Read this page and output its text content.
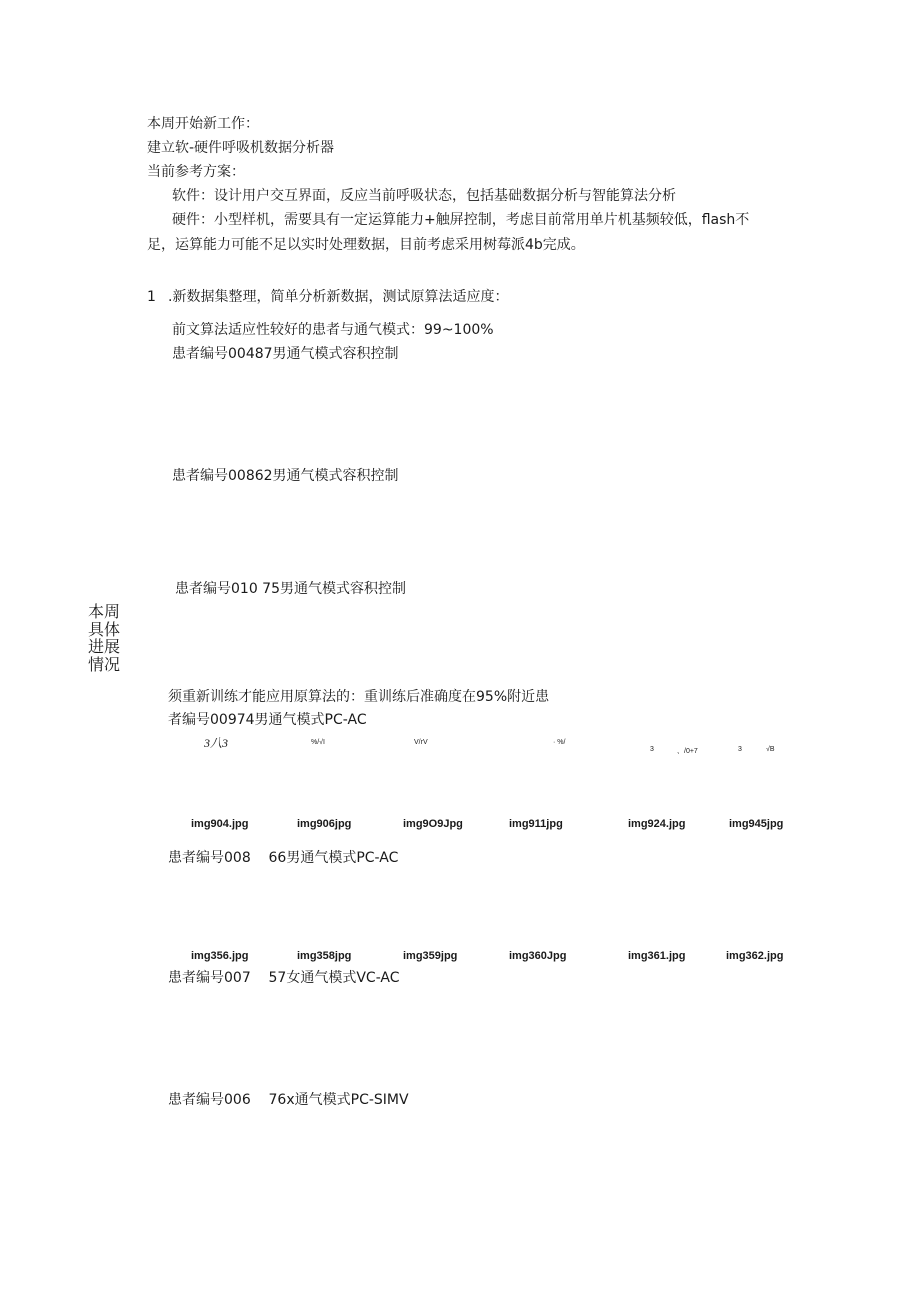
本周开始新工作：
建立软-硬件呼吸机数据分析器
当前参考方案：
软件：设计用户交互界面，反应当前呼吸状态，包括基础数据分析与智能算法分析
硬件：小型样机，需要具有一定运算能力+触屏控制，考虑目前常用单片机基频较低，flash不
足，运算能力可能不足以实时处理数据，目前考虑采用树莓派4b完成。
1 .新数据集整理，简单分析新数据，测试原算法适应度：
前文算法适应性较好的患者与通气模式：99~100%
患者编号00487男通气模式容积控制
患者编号00862男通气模式容积控制
患者编号010 75男通气模式容积控制
本周
具体
进展
情况
须重新训练才能应用原算法的：重训练后准确度在95%附近患
者编号00974男通气模式PC-AC
3八3	%/√I	V/rV	· %/
3	、/0+7	3	√B
img904.jpg	img906jpg	img9O9Jpg	img911jpg	img924.jpg	img945jpg
患者编号008    66男通气模式PC-AC
img356.jpg	img358jpg	img359jpg	img360Jpg	img361.jpg	img362.jpg
患者编号007    57女通气模式VC-AC
患者编号006    76ⅹ通气模式PC-SIMV
